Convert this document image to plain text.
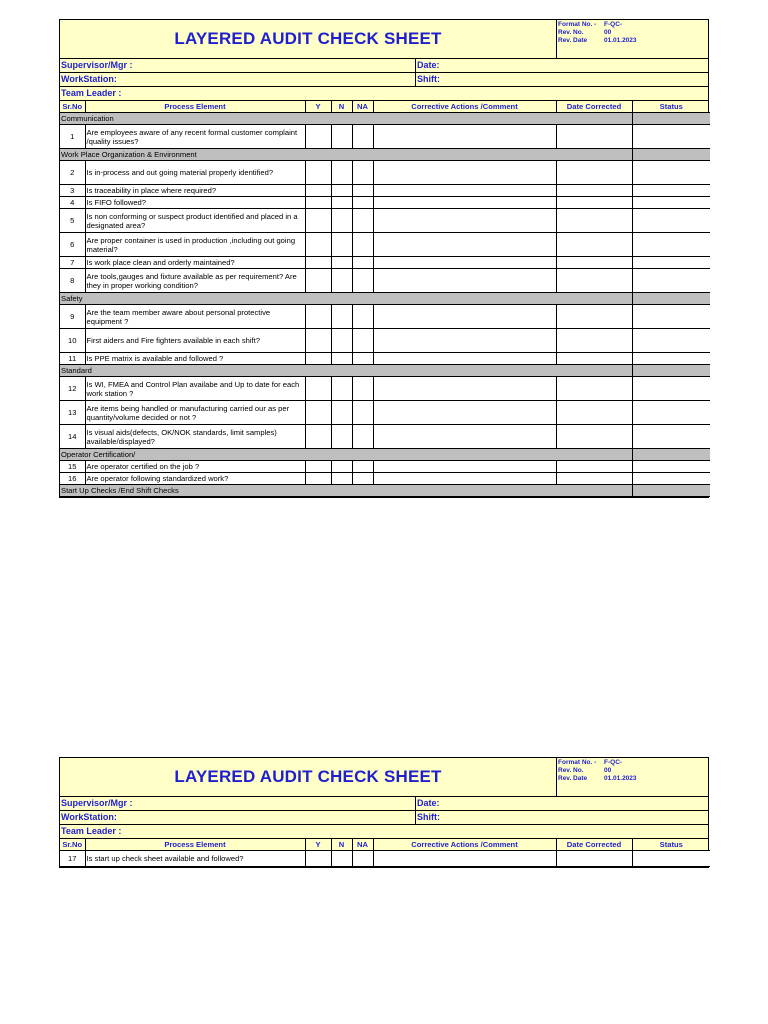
LAYERED AUDIT CHECK SHEET
Format No. -	F-QC-
Rev. No.	00
Rev. Date	01.01.2023
Supervisor/Mgr :	Date:
WorkStation:	Shift:
Team Leader :
Sr.No	Process Element	Y	N	NA	Corrective Actions /Comment	Date Corrected	Status
Communication							
1	Are employees aware of any recent formal customer complaint /quality issues?						
Work Place Organization & Environment							
2	Is in-process and out going material properly identified?						
3	Is traceability in place where required?						
4	Is FIFO followed?						
5	Is non conforming or suspect product identified and placed in a designated area?						
6	Are proper container is used in production ,including out going material?						
7	Is work place clean and orderly maintained?						
8	Are tools,gauges and fixture available as per requirement? Are they in proper working condition?						
Safety							
9	Are the team member aware about personal protective equipment ?						
10	First aiders and Fire fighters available in each shift?						
11	Is PPE matrix is available and followed ?						
Standard							
12	Is WI, FMEA and Control Plan availabe and Up to date for each work station ?						
13	Are items being handled or manufacturing carried our as per quantity/volume decided or not ?						
14	Is visual aids(defects, OK/NOK standards, limit samples) available/displayed?						
Operator Certification/							
15	Are operator certified on the job ?						
16	Are operator following standardized work?						
Start Up Checks /End Shift Checks							
LAYERED AUDIT CHECK SHEET
Format No. -	F-QC-
Rev. No.	00
Rev. Date	01.01.2023
Supervisor/Mgr :	Date:
WorkStation:	Shift:
Team Leader :
Sr.No	Process Element	Y	N	NA	Corrective Actions /Comment	Date Corrected	Status
17	Is start up check sheet available and followed?						
